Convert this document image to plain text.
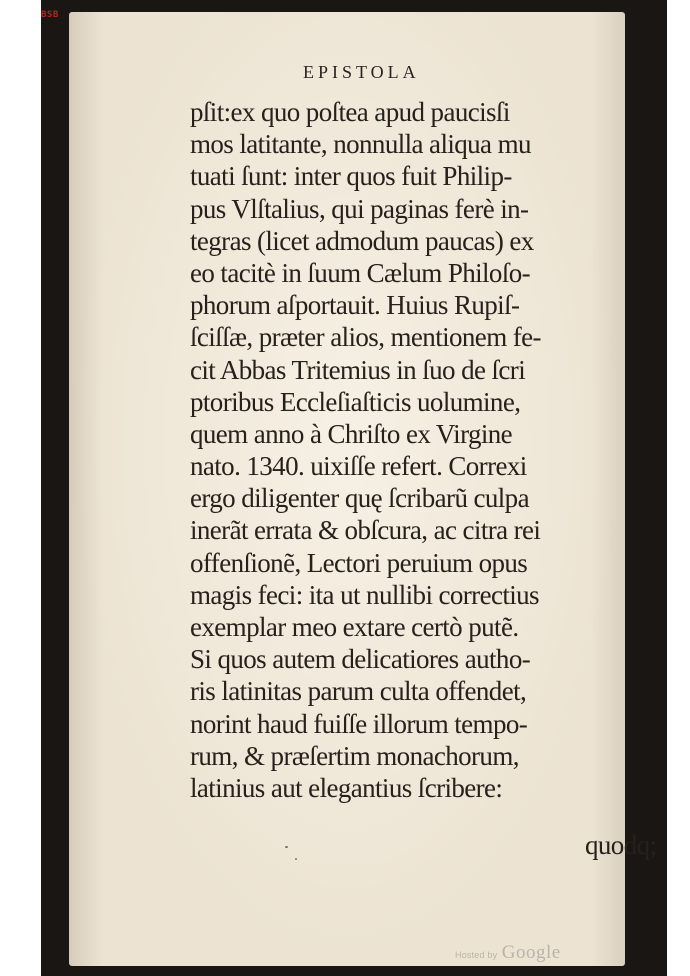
BSB
EPISTOLA
pſit:ex quo poſtea apud paucisſi
mos latitante, nonnulla aliqua mu
tuati ſunt: inter quos fuit Philip-
pus Vlſtalius, qui paginas ferè in-
tegras (licet admodum paucas) ex
eo tacitè in ſuum Cælum Philoſo-
phorum aſportauit. Huius Rupiſ-
ſciſſæ, præter alios, mentionem fe-
cit Abbas Tritemius in ſuo de ſcri
ptoribus Eccleſiaſticis uolumine,
quem anno à Chriſto ex Virgine
nato. 1340. uixiſſe refert. Correxi
ergo diligenter quę ſcribarũ culpa
inerãt errata & obſcura, ac citra rei
offenſionẽ, Lectori peruium opus
magis feci: ita ut nullibi correctius
exemplar meo extare certò putẽ.
Si quos autem delicatiores autho-
ris latinitas parum culta offendet,
norint haud fuiſſe illorum tempo-
rum, & præſertim monachorum,
latinius aut elegantius ſcribere:
quodq;
Hosted by Google
